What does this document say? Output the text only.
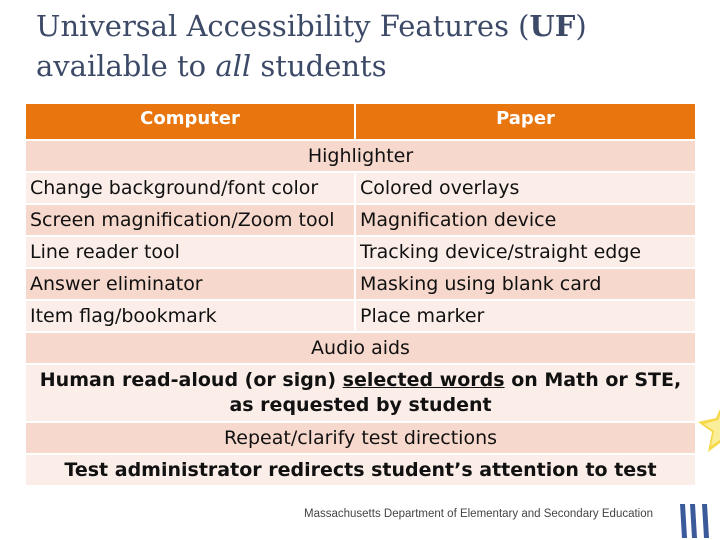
Universal Accessibility Features (UF)
available to all students
Computer	Paper
Highlighter	
Change background/font color	Colored overlays
Screen magnification/Zoom tool	Magnification device
Line reader tool	Tracking device/straight edge
Answer eliminator	Masking using blank card
Item flag/bookmark	Place marker
Audio aids	
Human read-aloud (or sign) selected words on Math or STE,
as requested by student	
Repeat/clarify test directions	
Test administrator redirects student’s attention to test	
Massachusetts Department of Elementary and Secondary Education
